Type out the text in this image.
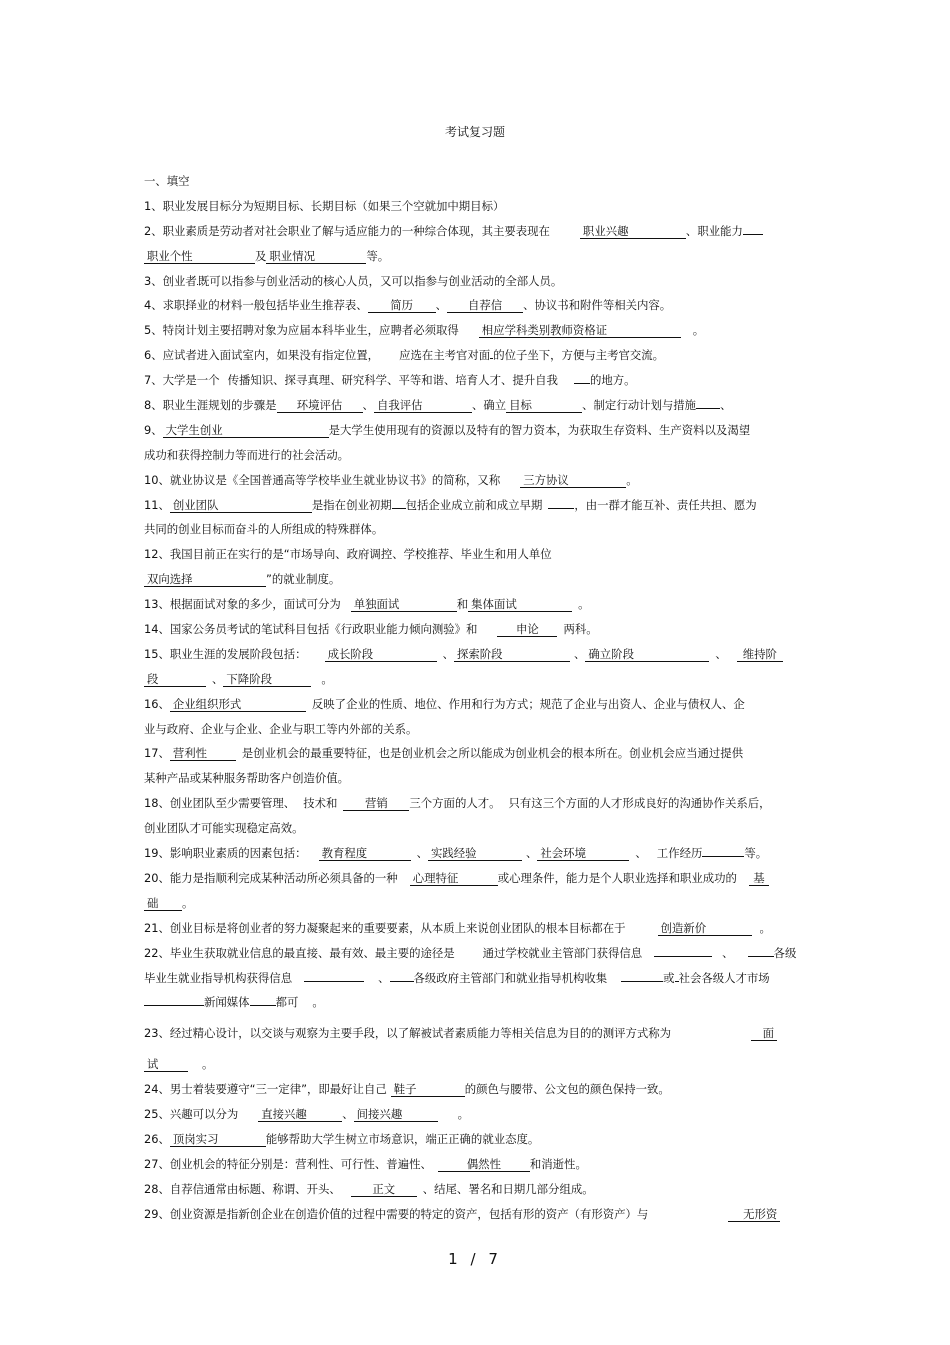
考试复习题
一、填空
1、职业发展目标分为短期目标、长期目标（如果三个空就加中期目标）
2、职业素质是劳动者对社会职业了解与适应能力的一种综合体现，其主要表现在	职业兴趣	、职业能力
职业个性	及 职业情况	等。
3、创业者既可以指参与创业活动的核心人员，又可以指参与创业活动的全部人员。
4、求职择业的材料一般包括毕业生推荐表、 简历 、 自荐信 、协议书和附件等相关内容。
5、特岗计划主要招聘对象为应届本科毕业生，应聘者必须取得 相应学科类别教师资格证	。
6、应试者进入面试室内，如果没有指定位置， 应选在主考官对面 的位子坐下，方便与主考官交流。
7、大学是一个 传播知识、探寻真理、研究科学、平等和谐、培育人才、提升自我	的地方。
8、职业生涯规划的步骤是 环境评估 、 自我评估	、确立 目标	、制定行动计划与措施 、
9、 大学生创业	是大学生使用现有的资源以及特有的智力资本，为获取生存资料、生产资料以及渴望
成功和获得控制力等而进行的社会活动。
10、就业协议是《全国普通高等学校毕业生就业协议书》的简称，又称 三方协议	。
11、 创业团队	是指在创业初期 包括企业成立前和成立早期	，由一群才能互补、责任共担、愿为
共同的创业目标而奋斗的人所组成的特殊群体。
12、我国目前正在实行的是“市场导向、政府调控、学校推荐、毕业生和用人单位
双向选择	”的就业制度。
13、根据面试对象的多少，面试可分为 单独面试	和 集体面试	。
14、国家公务员考试的笔试科目包括《行政职业能力倾向测验》和	申论 两科。
15、职业生涯的发展阶段包括： 成长阶段	、 探索阶段	、 确立阶段	、 维持阶
段	、 下降阶段	。
16、 企业组织形式	反映了企业的性质、地位、作用和行为方式；规范了企业与出资人、企业与债权人、企
业与政府、企业与企业、企业与职工等内外部的关系。
17、 营利性	是创业机会的最重要特征，也是创业机会之所以能成为创业机会的根本所在。创业机会应当通过提供
某种产品或某种服务帮助客户创造价值。
18、创业团队至少需要管理、 技术和 营销 三个方面的人才。 只有这三个方面的人才形成良好的沟通协作关系后，
创业团队才可能实现稳定高效。
19、影响职业素质的因素包括： 教育程度	、 实践经验	、 社会环境	、 工作经历	等。
20、能力是指顺利完成某种活动所必须具备的一种 心理特征	或心理条件，能力是个人职业选择和职业成功的 基
础 。
21、创业目标是将创业者的努力凝聚起来的重要要素，从本质上来说创业团队的根本目标都在于	创造新价	。
22、毕业生获取就业信息的最直接、最有效、最主要的途径是 通过学校就业主管部门获得信息	、	各级
毕业生就业指导机构获得信息	、 各级政府主管部门和就业指导机构收集	或 社会各级人才市场
新闻媒体 都可 。
23、经过精心设计，以交谈与观察为主要手段，以了解被试者素质能力等相关信息为目的的测评方式称为	面
试	。
24、男士着装要遵守“三一定律”，即最好让自己 鞋子	的颜色与腰带、公文包的颜色保持一致。
25、兴趣可以分为 直接兴趣	、 间接兴趣	。
26、 顶岗实习	能够帮助大学生树立市场意识，端正正确的就业态度。
27、创业机会的特征分别是：营利性、可行性、普遍性、	偶然性	和消逝性。
28、自荐信通常由标题、称谓、开头、	正文 、结尾、署名和日期几部分组成。
29、创业资源是指新创企业在创造价值的过程中需要的特定的资产，包括有形的资产（有形资产）与	无形资
1 / 7
